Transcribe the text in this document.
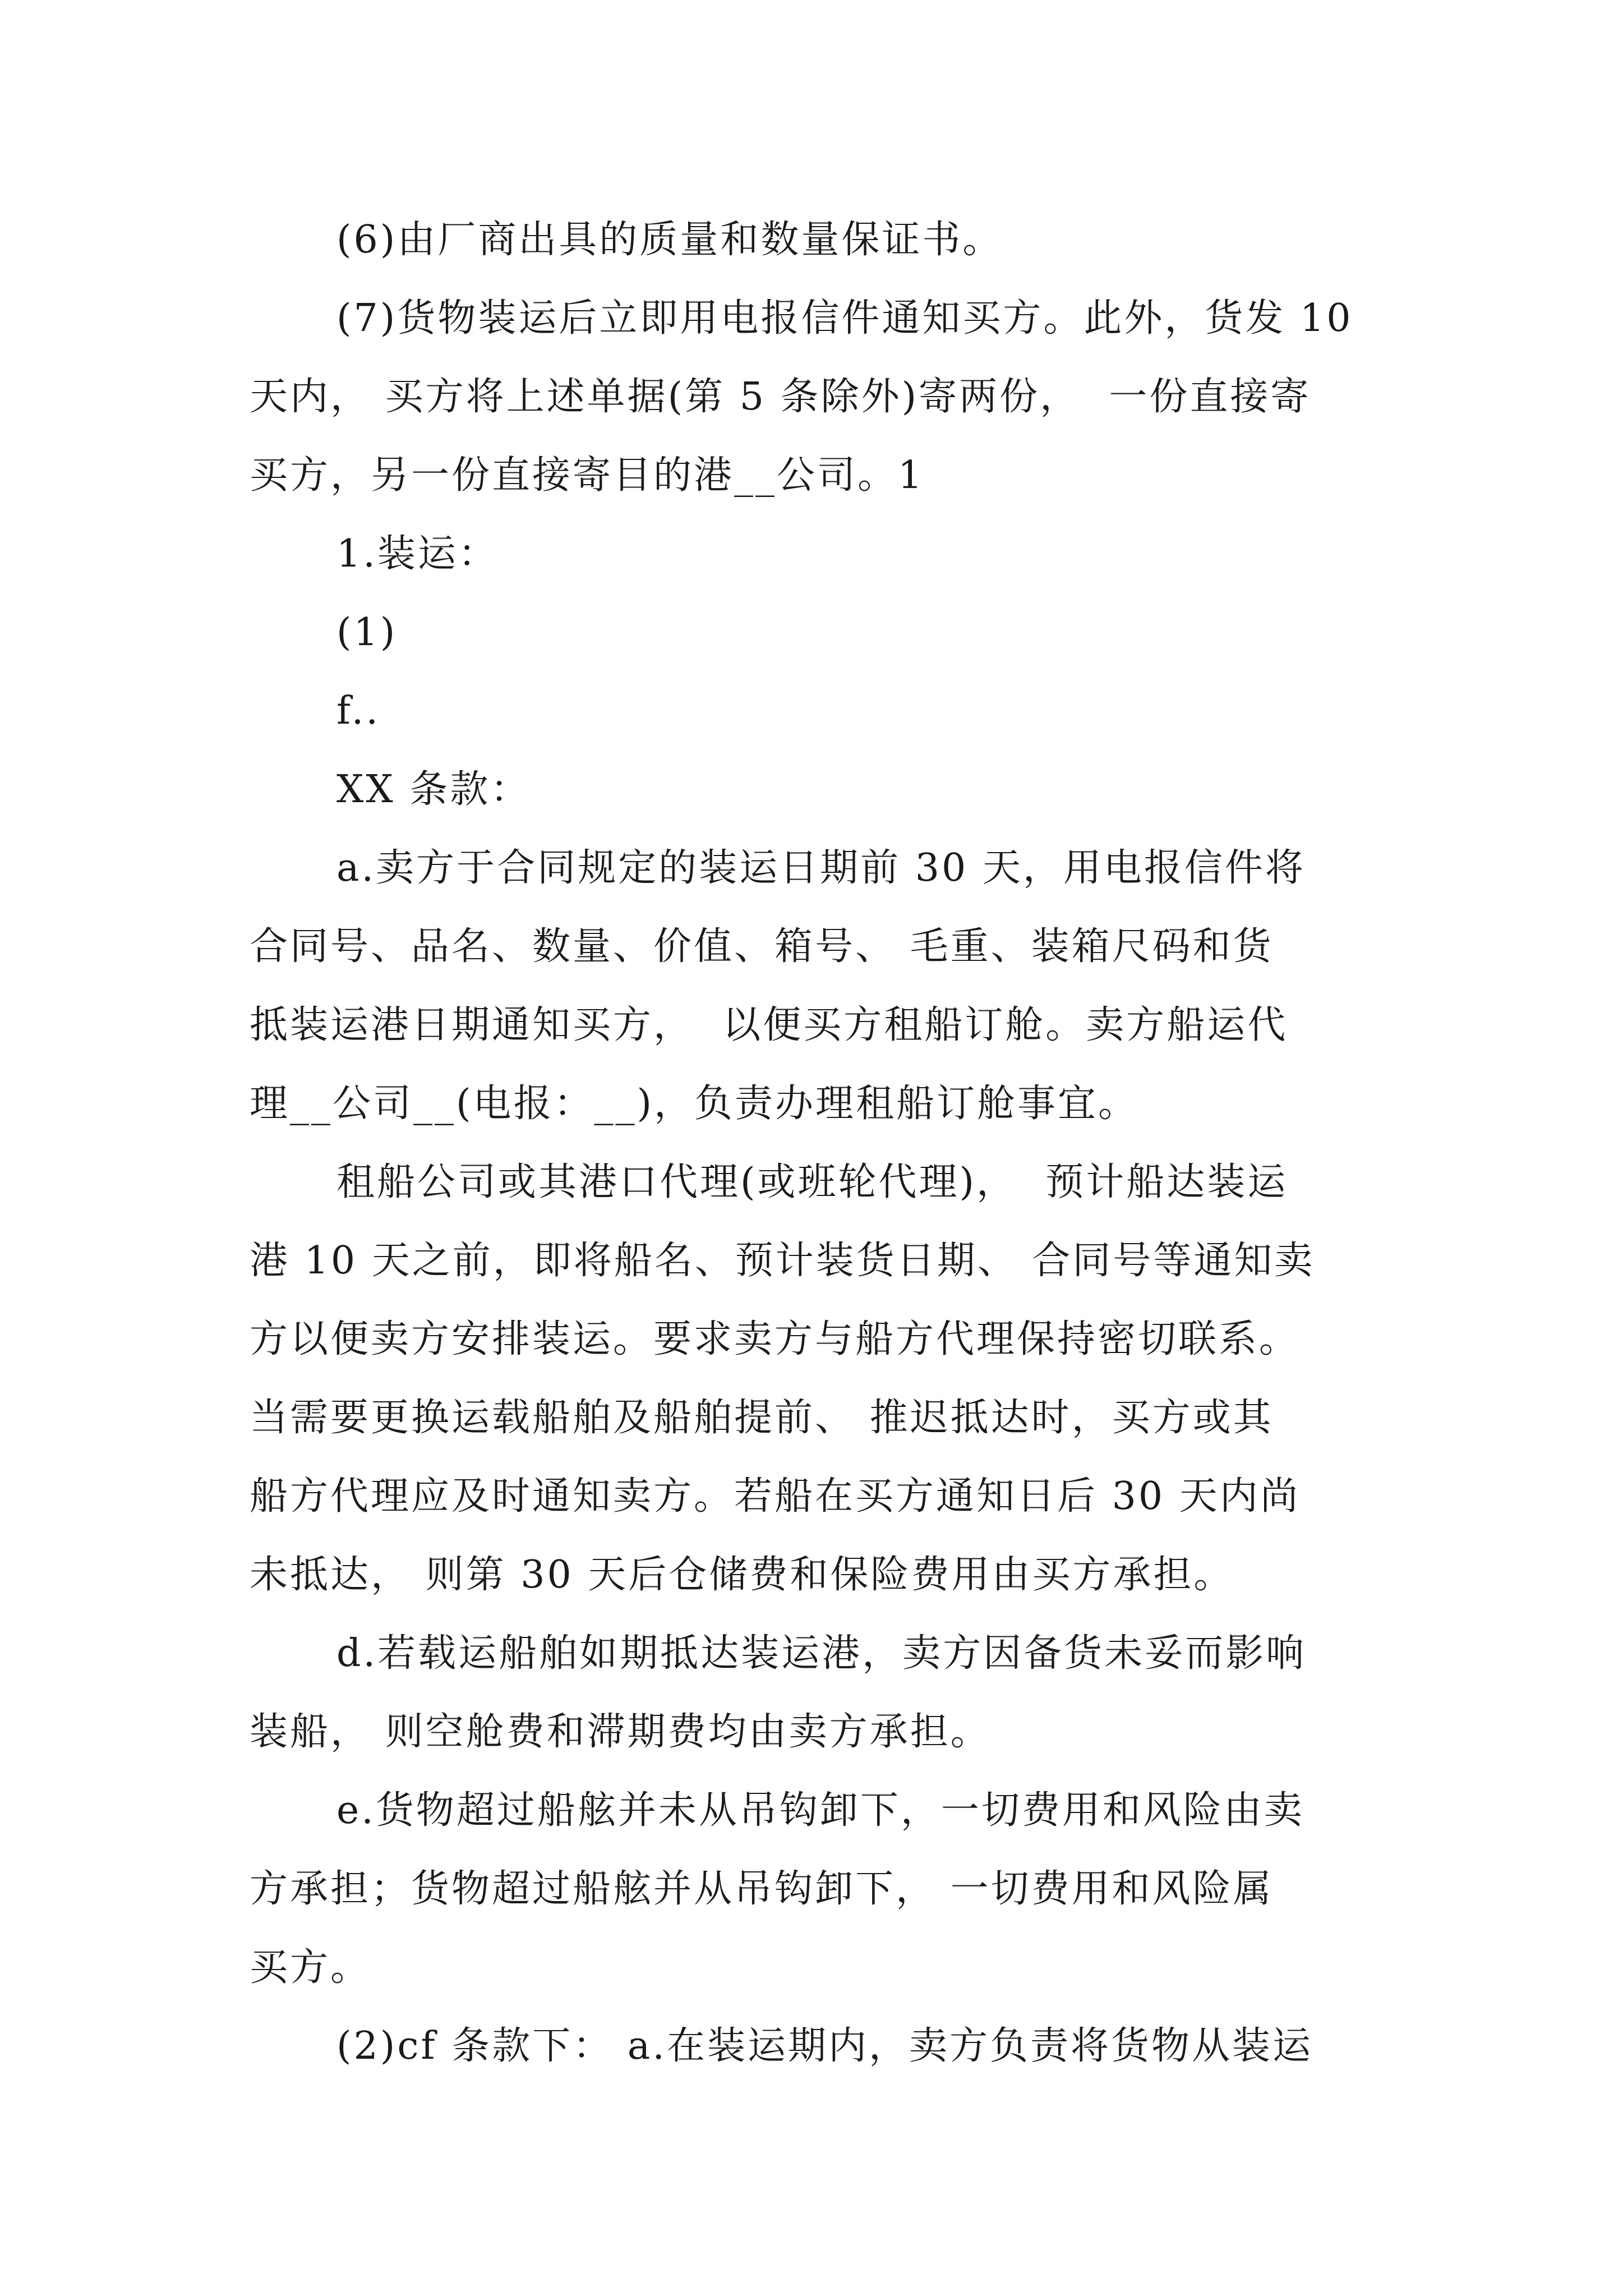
(6)由厂商出具的质量和数量保证书。
(7)货物装运后立即用电报信件通知买方。此外，货发 10
天内， 买方将上述单据(第 5 条除外)寄两份，  一份直接寄
买方，另一份直接寄目的港__公司。1
1.装运：
(1)
f..
XX 条款：
a.卖方于合同规定的装运日期前 30 天，用电报信件将
合同号、品名、数量、价值、箱号、 毛重、装箱尺码和货
抵装运港日期通知买方，  以便买方租船订舱。卖方船运代
理__公司__(电报：__)，负责办理租船订舱事宜。
租船公司或其港口代理(或班轮代理)，  预计船达装运
港 10 天之前，即将船名、预计装货日期、 合同号等通知卖
方以便卖方安排装运。要求卖方与船方代理保持密切联系。
当需要更换运载船舶及船舶提前、 推迟抵达时，买方或其
船方代理应及时通知卖方。若船在买方通知日后 30 天内尚
未抵达， 则第 30 天后仓储费和保险费用由买方承担。
d.若载运船舶如期抵达装运港，卖方因备货未妥而影响
装船， 则空舱费和滞期费均由卖方承担。
e.货物超过船舷并未从吊钩卸下，一切费用和风险由卖
方承担；货物超过船舷并从吊钩卸下， 一切费用和风险属
买方。
(2)cf 条款下： a.在装运期内，卖方负责将货物从装运
